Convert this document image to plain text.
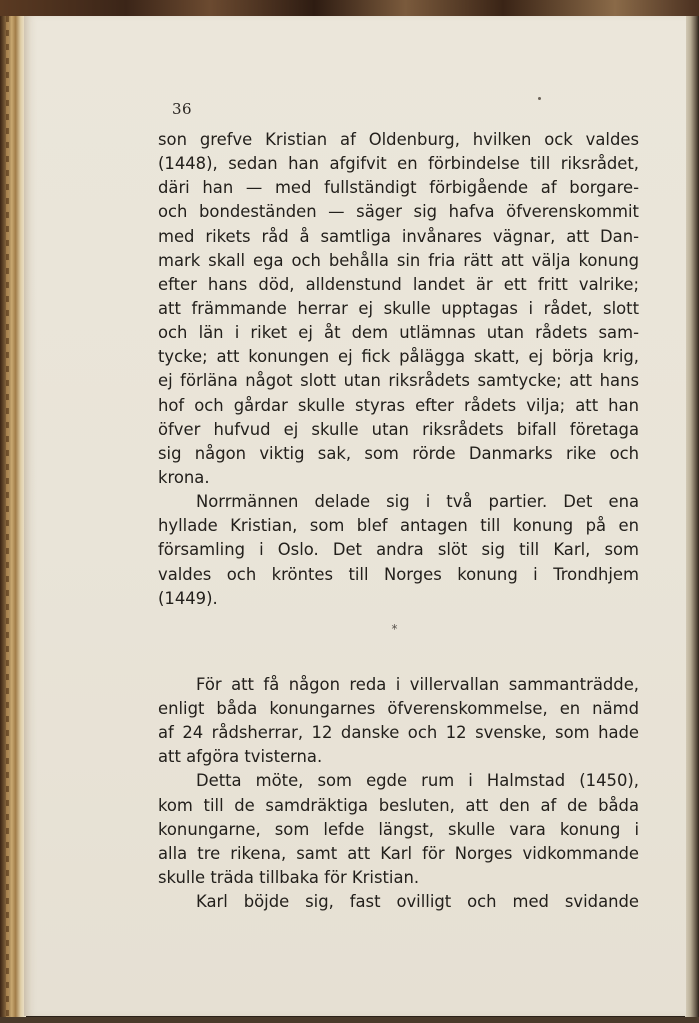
36
son grefve Kristian af Oldenburg, hvilken ock valdes
(1448), sedan han afgifvit en förbindelse till riksrådet,
däri han — med fullständigt förbigående af borgare-
och bondeständen — säger sig hafva öfverenskommit
med rikets råd å samtliga invånares vägnar, att Dan-
mark skall ega och behålla sin fria rätt att välja konung
efter hans död, alldenstund landet är ett fritt valrike;
att främmande herrar ej skulle upptagas i rådet, slott
och län i riket ej åt dem utlämnas utan rådets sam-
tycke; att konungen ej fick pålägga skatt, ej börja krig,
ej förläna något slott utan riksrådets samtycke; att hans
hof och gårdar skulle styras efter rådets vilja; att han
öfver hufvud ej skulle utan riksrådets bifall företaga
sig någon viktig sak, som rörde Danmarks rike och
krona.
Norrmännen delade sig i två partier. Det ena
hyllade Kristian, som blef antagen till konung på en
församling i Oslo. Det andra slöt sig till Karl, som
valdes och kröntes till Norges konung i Trondhjem
(1449).
*
För att få någon reda i villervallan sammanträdde,
enligt båda konungarnes öfverenskommelse, en nämd
af 24 rådsherrar, 12 danske och 12 svenske, som hade
att afgöra tvisterna.
Detta möte, som egde rum i Halmstad (1450),
kom till de samdräktiga besluten, att den af de båda
konungarne, som lefde längst, skulle vara konung i
alla tre rikena, samt att Karl för Norges vidkommande
skulle träda tillbaka för Kristian.
Karl böjde sig, fast ovilligt och med svidande
